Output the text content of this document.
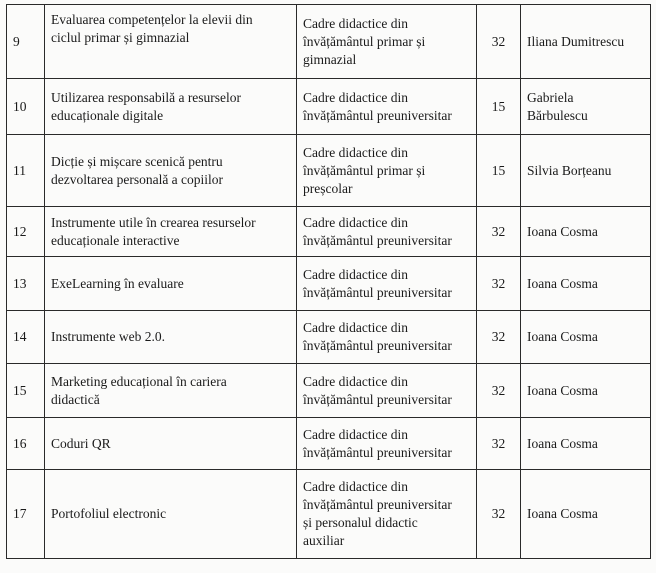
9	Evaluarea competențelor la elevii din
ciclul primar și gimnazial	Cadre didactice din
învățământul primar și
gimnazial	32	Iliana Dumitrescu

10	Utilizarea responsabilă a resurselor
educaționale digitale	Cadre didactice din
învățământul preuniversitar	15	Gabriela
Bărbulescu

11	Dicție și mișcare scenică pentru
dezvoltarea personală a copiilor	Cadre didactice din
învățământul primar și
preșcolar	15	Silvia Borțeanu

12	Instrumente utile în crearea resurselor
educaționale interactive	Cadre didactice din
învățământul preuniversitar	32	Ioana Cosma

13	ExeLearning în evaluare	Cadre didactice din
învățământul preuniversitar	32	Ioana Cosma

14	Instrumente web 2.0.	Cadre didactice din
învățământul preuniversitar	32	Ioana Cosma

15	Marketing educațional în cariera
didactică	Cadre didactice din
învățământul preuniversitar	32	Ioana Cosma

16	Coduri QR	Cadre didactice din
învățământul preuniversitar	32	Ioana Cosma

17	Portofoliul electronic	Cadre didactice din
învățământul preuniversitar
și personalul didactic
auxiliar	32	Ioana Cosma
